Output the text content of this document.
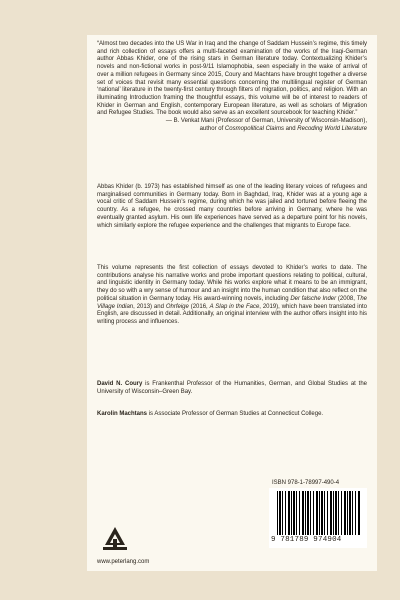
“Almost two decades into the US War in Iraq and the change of Saddam Hussein’s regime, this timely and rich collection of essays offers a multi-faceted examination of the works of the Iraqi-German author Abbas Khider, one of the rising stars in German literature today. Contextualizing Khider’s novels and non-fictional works in post-9/11 Islamophobia, seen especially in the wake of arrival of over a million refugees in Germany since 2015, Coury and Machtans have brought together a diverse set of voices that revisit many essential questions concerning the multilingual register of German ‘national’ literature in the twenty-first century through filters of migration, politics, and religion. With an illuminating Introduction framing the thoughtful essays, this volume will be of interest to readers of Khider in German and English, contemporary European literature, as well as scholars of Migration and Refugee Studies. The book would also serve as an excellent sourcebook for teaching Khider.”

— B. Venkat Mani (Professor of German, University of Wisconsin-Madison),
author of Cosmopolitical Claims and Recoding World Literature

Abbas Khider (b. 1973) has established himself as one of the leading literary voices of refugees and marginalised communities in Germany today. Born in Baghdad, Iraq, Khider was at a young age a vocal critic of Saddam Hussein’s regime, during which he was jailed and tortured before fleeing the country. As a refugee, he crossed many countries before arriving in Germany, where he was eventually granted asylum. His own life experiences have served as a departure point for his novels, which similarly explore the refugee experience and the challenges that migrants to Europe face.

This volume represents the first collection of essays devoted to Khider’s works to date. The contributions analyse his narrative works and probe important questions relating to political, cultural, and linguistic identity in Germany today. While his works explore what it means to be an immigrant, they do so with a wry sense of humour and an insight into the human condition that also reflect on the political situation in Germany today. His award-winning novels, including Der falsche Inder (2008, The Village Indian, 2013) and Ohrfeige (2016, A Slap in the Face, 2019), which have been translated into English, are discussed in detail. Additionally, an original interview with the author offers insight into his writing process and influences.

David N. Coury is Frankenthal Professor of the Humanities, German, and Global Studies at the University of Wisconsin–Green Bay.

Karolin Machtans is Associate Professor of German Studies at Connecticut College.

ISBN 978-1-78997-490-4
9 781789 974904
www.peterlang.com
